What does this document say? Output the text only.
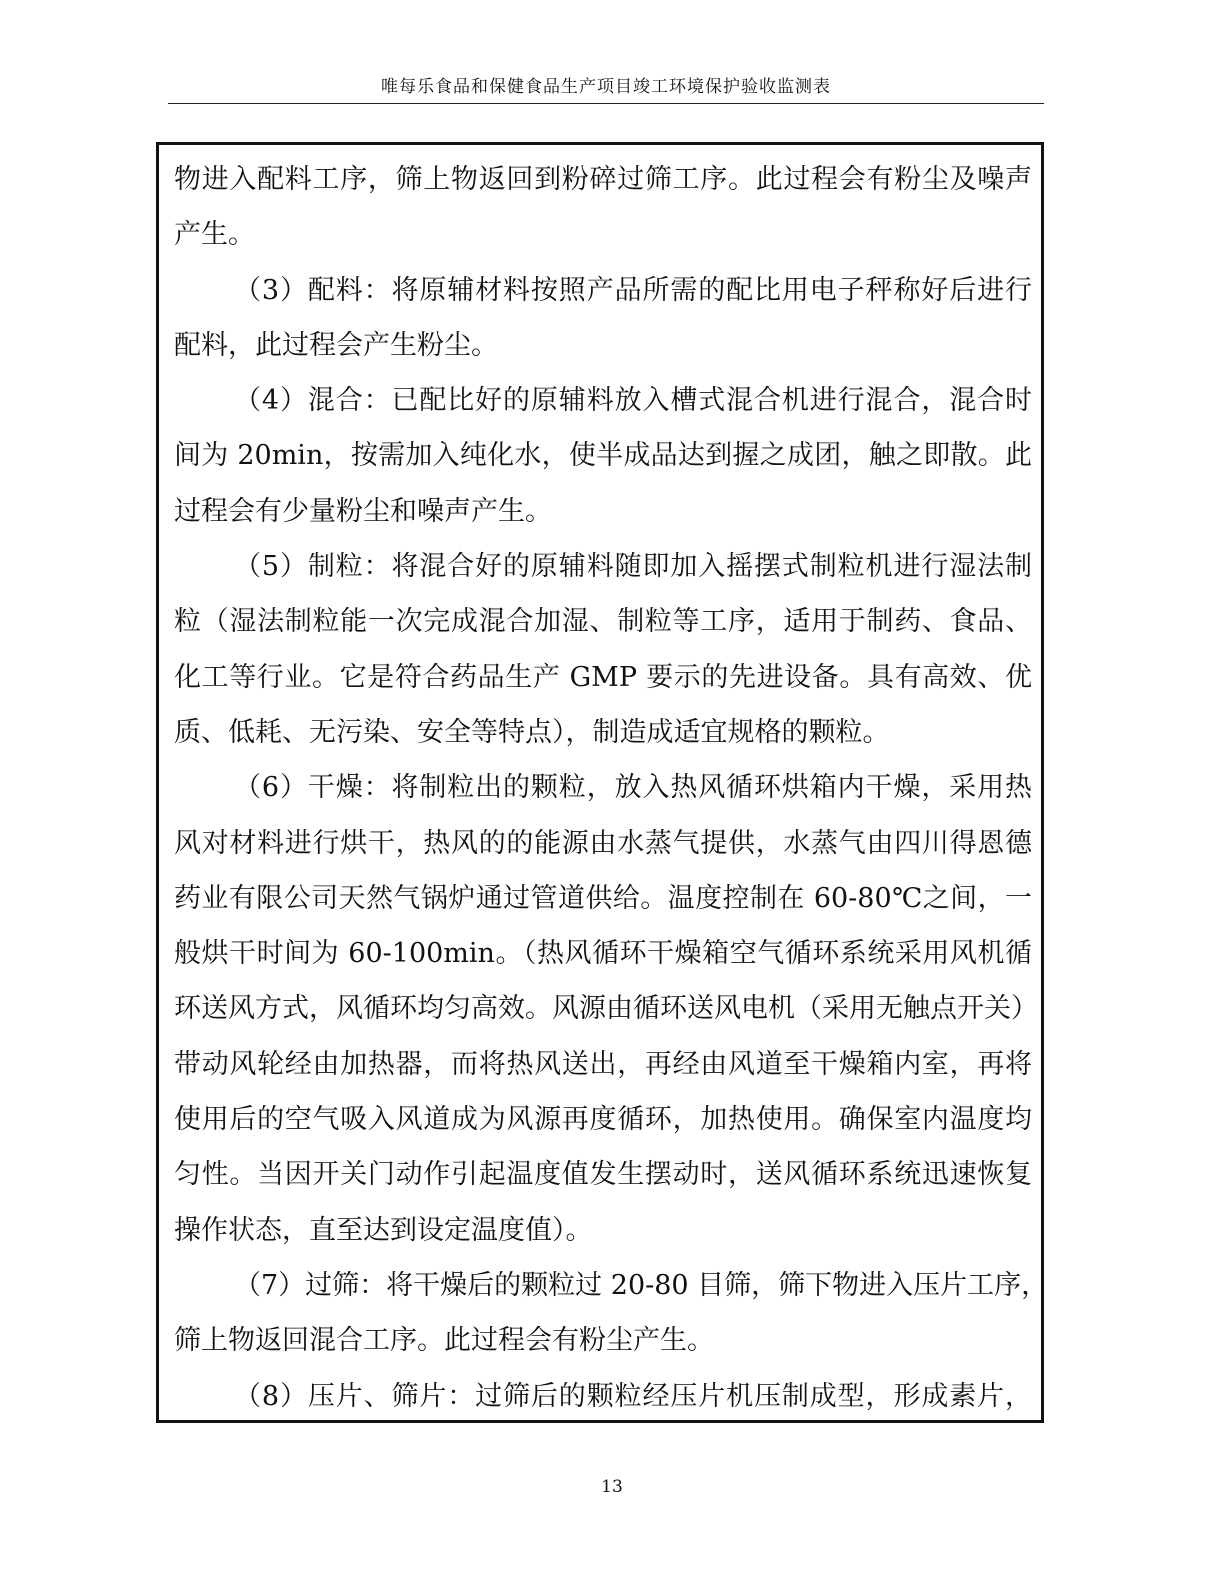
唯每乐食品和保健食品生产项目竣工环境保护验收监测表
物进入配料工序，筛上物返回到粉碎过筛工序。此过程会有粉尘及噪声
产生。
（3）配料：将原辅材料按照产品所需的配比用电子秤称好后进行
配料，此过程会产生粉尘。
（4）混合：已配比好的原辅料放入槽式混合机进行混合，混合时
间为 20min，按需加入纯化水，使半成品达到握之成团，触之即散。此
过程会有少量粉尘和噪声产生。
（5）制粒：将混合好的原辅料随即加入摇摆式制粒机进行湿法制
粒（湿法制粒能一次完成混合加湿、制粒等工序，适用于制药、食品、
化工等行业。它是符合药品生产 GMP 要示的先进设备。具有高效、优
质、低耗、无污染、安全等特点），制造成适宜规格的颗粒。
（6）干燥：将制粒出的颗粒，放入热风循环烘箱内干燥，采用热
风对材料进行烘干，热风的的能源由水蒸气提供，水蒸气由四川得恩德
药业有限公司天然气锅炉通过管道供给。温度控制在 60-80℃之间，一
般烘干时间为 60-100min。（热风循环干燥箱空气循环系统采用风机循
环送风方式，风循环均匀高效。风源由循环送风电机（采用无触点开关）
带动风轮经由加热器，而将热风送出，再经由风道至干燥箱内室，再将
使用后的空气吸入风道成为风源再度循环，加热使用。确保室内温度均
匀性。当因开关门动作引起温度值发生摆动时，送风循环系统迅速恢复
操作状态，直至达到设定温度值）。
（7）过筛：将干燥后的颗粒过 20-80 目筛，筛下物进入压片工序，
筛上物返回混合工序。此过程会有粉尘产生。
（8）压片、筛片：过筛后的颗粒经压片机压制成型，形成素片，
13
